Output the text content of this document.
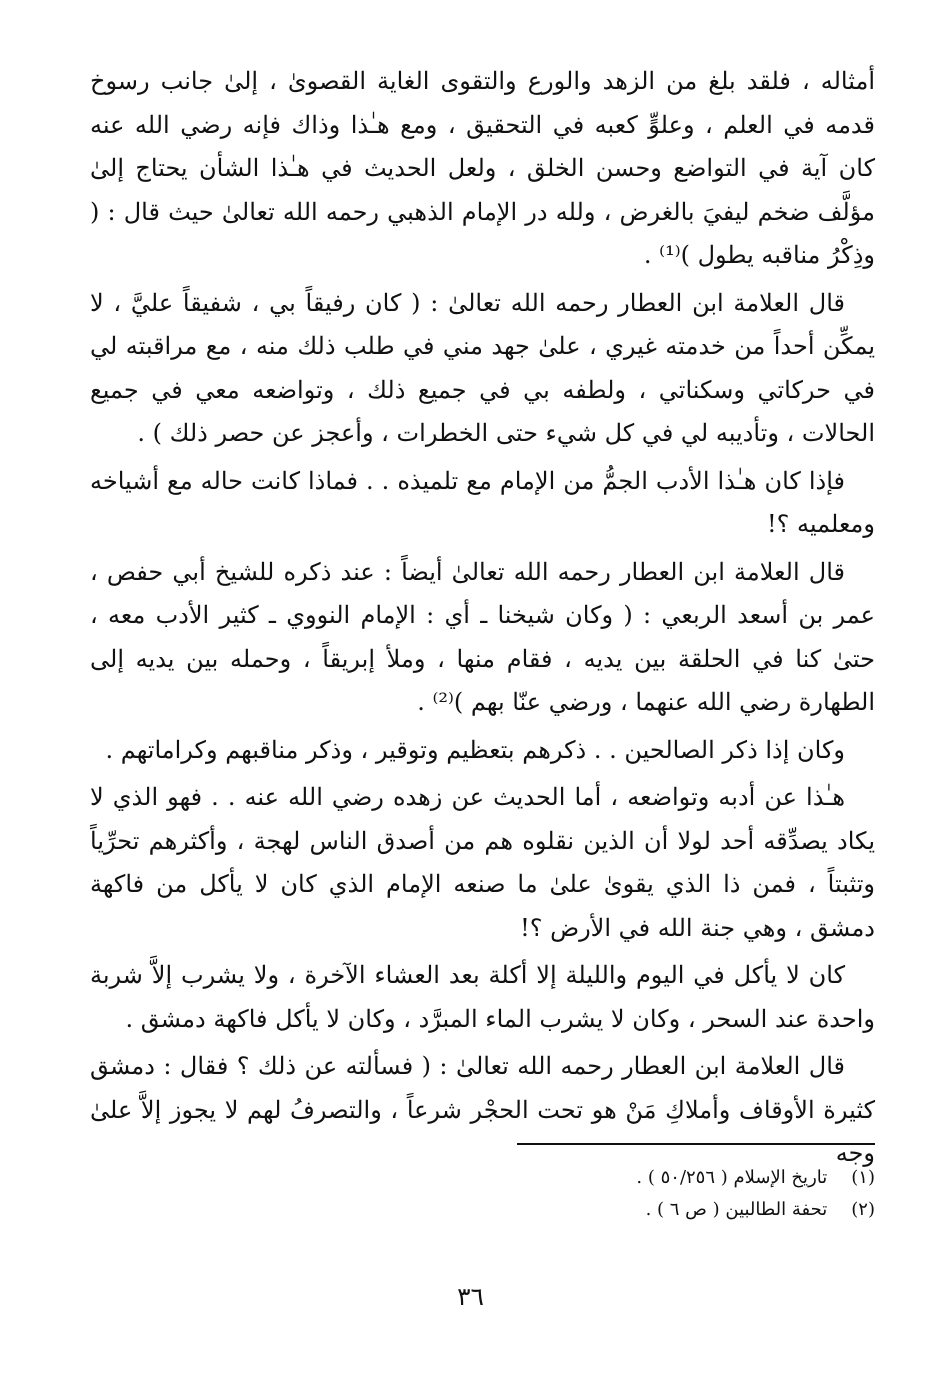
أمثاله ، فلقد بلغ من الزهد والورع والتقوى الغاية القصوىٰ ، إلىٰ جانب رسوخ قدمه في العلم ، وعلوٍّ كعبه في التحقيق ، ومع هـٰذا وذاك فإنه رضي الله عنه كان آية في التواضع وحسن الخلق ، ولعل الحديث في هـٰذا الشأن يحتاج إلىٰ مؤلَّف ضخم ليفيَ بالغرض ، ولله در الإمام الذهبي رحمه الله تعالىٰ حيث قال : ( وذِكْرُ مناقبه يطول )⁽¹⁾ .

قال العلامة ابن العطار رحمه الله تعالىٰ : ( كان رفيقاً بي ، شفيقاً عليَّ ، لا يمكِّن أحداً من خدمته غيري ، علىٰ جهد مني في طلب ذلك منه ، مع مراقبته لي في حركاتي وسكناتي ، ولطفه بي في جميع ذلك ، وتواضعه معي في جميع الحالات ، وتأديبه لي في كل شيء حتى الخطرات ، وأعجز عن حصر ذلك ) .

فإذا كان هـٰذا الأدب الجمُّ من الإمام مع تلميذه . . فماذا كانت حاله مع أشياخه ومعلميه ؟!

قال العلامة ابن العطار رحمه الله تعالىٰ أيضاً : عند ذكره للشيخ أبي حفص ، عمر بن أسعد الربعي : ( وكان شيخنا ـ أي : الإمام النووي ـ كثير الأدب معه ، حتىٰ كنا في الحلقة بين يديه ، فقام منها ، وملأ إبريقاً ، وحمله بين يديه إلى الطهارة رضي الله عنهما ، ورضي عنّا بهم )⁽²⁾ .

وكان إذا ذكر الصالحين . . ذكرهم بتعظيم وتوقير ، وذكر مناقبهم وكراماتهم .

هـٰذا عن أدبه وتواضعه ، أما الحديث عن زهده رضي الله عنه . . فهو الذي لا يكاد يصدِّقه أحد لولا أن الذين نقلوه هم من أصدق الناس لهجة ، وأكثرهم تحرِّياً وتثبتاً ، فمن ذا الذي يقوىٰ علىٰ ما صنعه الإمام الذي كان لا يأكل من فاكهة دمشق ، وهي جنة الله في الأرض ؟!

كان لا يأكل في اليوم والليلة إلا أكلة بعد العشاء الآخرة ، ولا يشرب إلاَّ شربة واحدة عند السحر ، وكان لا يشرب الماء المبرَّد ، وكان لا يأكل فاكهة دمشق .

قال العلامة ابن العطار رحمه الله تعالىٰ : ( فسألته عن ذلك ؟ فقال : دمشق كثيرة الأوقاف وأملاكِ مَنْ هو تحت الحجْر شرعاً ، والتصرفُ لهم لا يجوز إلاَّ علىٰ وجه

(١) تاريخ الإسلام ( ٥٠/٢٥٦ ) .
(٢) تحفة الطالبين ( ص ٦ ) .
٣٦
